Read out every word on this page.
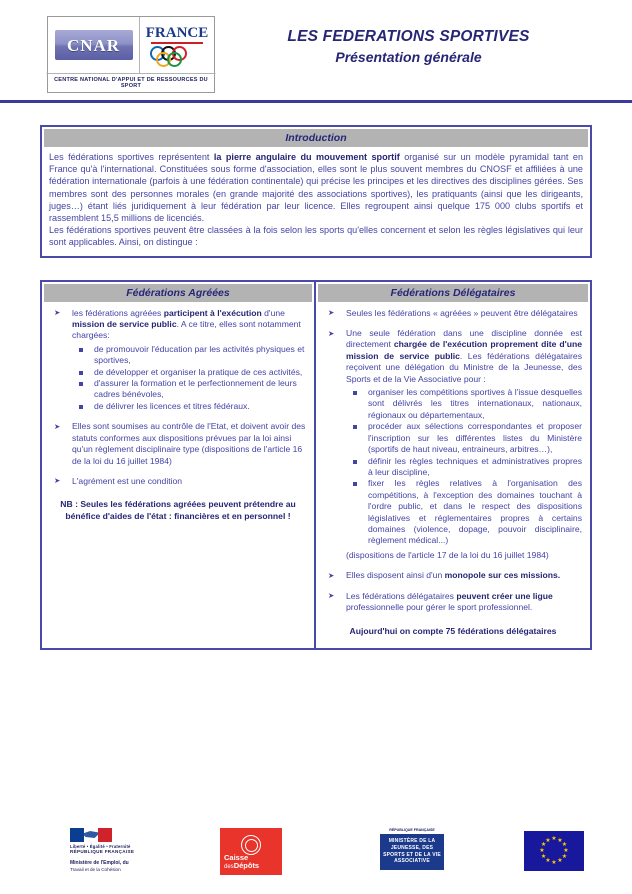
CNAR
FRANCE
CENTRE NATIONAL D'APPUI ET DE RESSOURCES DU SPORT
LES FEDERATIONS SPORTIVES
Présentation générale
Introduction

Les fédérations sportives représentent la pierre angulaire du mouvement sportif organisé sur un modèle pyramidal tant en France qu'à l'international. Constituées sous forme d'association, elles sont le plus souvent membres du CNOSF et affiliées à une fédération internationale (parfois à une fédération continentale) qui précise les principes et les directives des disciplines gérées. Ses membres sont des personnes morales (en grande majorité des associations sportives), les pratiquants (ainsi que les dirigeants, juges…) étant liés juridiquement à leur fédération par leur licence. Elles regroupent ainsi quelque 175 000 clubs sportifs et rassemblent 15,5 millions de licenciés.

Les fédérations sportives peuvent être classées à la fois selon les sports qu'elles concernent et selon les règles législatives qui leur sont applicables. Ainsi, on distingue :

Fédérations Agréées
➤ les fédérations agréées participent à l'exécution d'une mission de service public. A ce titre, elles sont notamment chargées:
de promouvoir l'éducation par les activités physiques et sportives,
de développer et organiser la pratique de ces activités,
d'assurer la formation et le perfectionnement de leurs cadres bénévoles,
de délivrer les licences et titres fédéraux.
➤ Elles sont soumises au contrôle de l'Etat, et doivent avoir des statuts conformes aux dispositions prévues par la loi ainsi qu'un règlement disciplinaire type (dispositions de l'article 16 de la loi du 16 juillet 1984)
➤ L'agrément est une condition
NB : Seules les fédérations agréées peuvent prétendre au bénéfice d'aides de l'état : financières et en personnel !
Fédérations Délégataires
➤ Seules les fédérations « agréées » peuvent être délégataires
➤ Une seule fédération dans une discipline donnée est directement chargée de l'exécution proprement dite d'une mission de service public. Les fédérations délégataires reçoivent une délégation du Ministre de la Jeunesse, des Sports et de la Vie Associative pour :
organiser les compétitions sportives à l'issue desquelles sont délivrés les titres internationaux, nationaux, régionaux ou départementaux,
procéder aux sélections correspondantes et proposer l'inscription sur les différentes listes du Ministère (sportifs de haut niveau, entraineurs, arbitres…),
définir les règles techniques et administratives propres à leur discipline,
fixer les règles relatives à l'organisation des compétitions, à l'exception des domaines touchant à l'ordre public, et dans le respect des dispositions législatives et réglementaires propres à certains domaines (violence, dopage, pouvoir disciplinaire, règlement médical...)
(dispositions de l'article 17 de la loi du 16 juillet 1984)
➤ Elles disposent ainsi d'un monopole sur ces missions.
➤ Les fédérations délégataires peuvent créer une ligue professionnelle pour gérer le sport professionnel.
Aujourd'hui on compte 75 fédérations délégataires
Liberté • Égalité • Fraternité
RÉPUBLIQUE FRANÇAISE
Ministère de l'Emploi, du
Travail et de la Cohésion
Caisse
desDépôts
RÉPUBLIQUE FRANÇAISE
MINISTÈRE DE LA JEUNESSE, DES SPORTS ET DE LA VIE ASSOCIATIVE
★ ★
★
★
★
★
★
★
★
★
★
★
